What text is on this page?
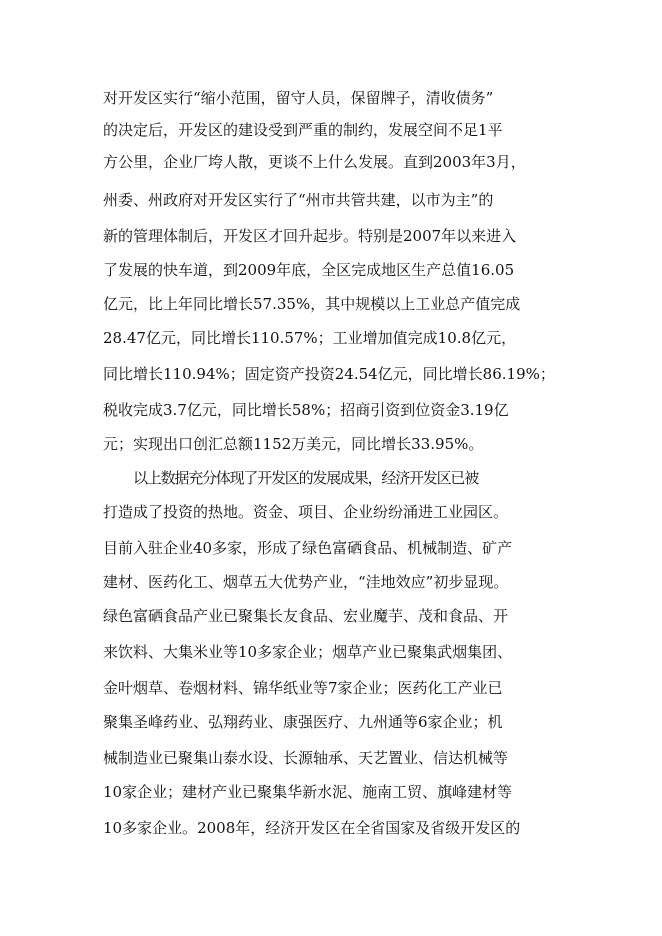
对开发区实行“缩小范围，留守人员，保留牌子，清收债务”
的决定后，开发区的建设受到严重的制约，发展空间不足1平
方公里，企业厂垮人散，更谈不上什么发展。直到2003年3月，
州委、州政府对开发区实行了“州市共管共建，以市为主”的
新的管理体制后，开发区才回升起步。特别是2007年以来进入
了发展的快车道，到2009年底，全区完成地区生产总值16.05
亿元，比上年同比增长57.35%，其中规模以上工业总产值完成
28.47亿元，同比增长110.57%；工业增加值完成10.8亿元，
同比增长110.94%；固定资产投资24.54亿元，同比增长86.19%；
税收完成3.7亿元，同比增长58%；招商引资到位资金3.19亿
元；实现出口创汇总额1152万美元，同比增长33.95%。
以上数据充分体现了开发区的发展成果，经济开发区已被
打造成了投资的热地。资金、项目、企业纷纷涌进工业园区。
目前入驻企业40多家，形成了绿色富硒食品、机械制造、矿产
建材、医药化工、烟草五大优势产业，“洼地效应”初步显现。
绿色富硒食品产业已聚集长友食品、宏业魔芋、茂和食品、开
来饮料、大集米业等10多家企业；烟草产业已聚集武烟集团、
金叶烟草、卷烟材料、锦华纸业等7家企业；医药化工产业已
聚集圣峰药业、弘翔药业、康强医疗、九州通等6家企业；机
械制造业已聚集山泰水设、长源轴承、天艺置业、信达机械等
10家企业；建材产业已聚集华新水泥、施南工贸、旗峰建材等
10多家企业。2008年，经济开发区在全省国家及省级开发区的
